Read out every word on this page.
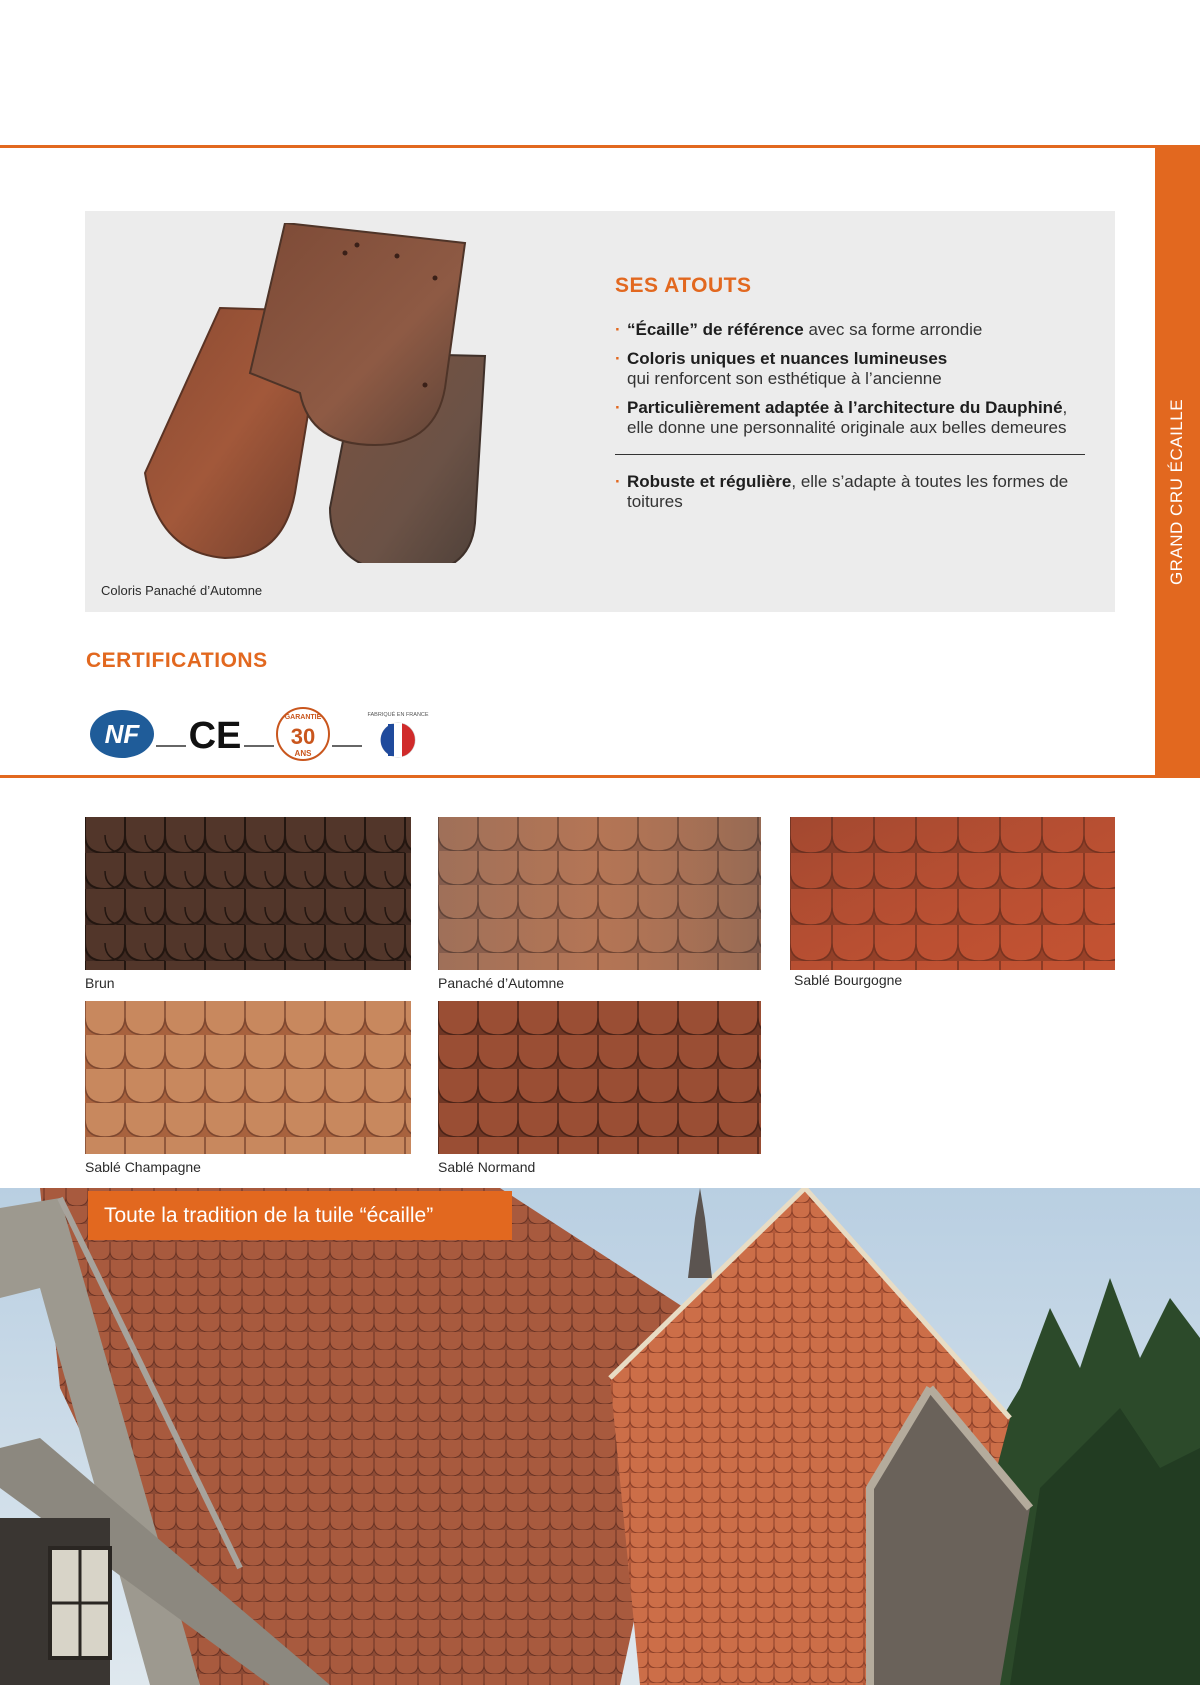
GRAND CRU ÉCAILLE
Coloris Panaché d’Automne
SES ATOUTS
· “Écaille” de référence avec sa forme arrondie
· Coloris uniques et nuances lumineuses
qui renforcent son esthétique à l’ancienne
· Particulièrement adaptée à l’architecture du Dauphiné, elle donne une personnalité originale aux belles demeures
· Robuste et régulière, elle s’adapte à toutes les formes de toitures
CERTIFICATIONS
NF CE	GARANTIE
30
ANS
FABRIQUÉ EN FRANCE
Brun	Panaché d’Automne	Sablé Bourgogne
Sablé Champagne	Sablé Normand
Toute la tradition de la tuile “écaille”
